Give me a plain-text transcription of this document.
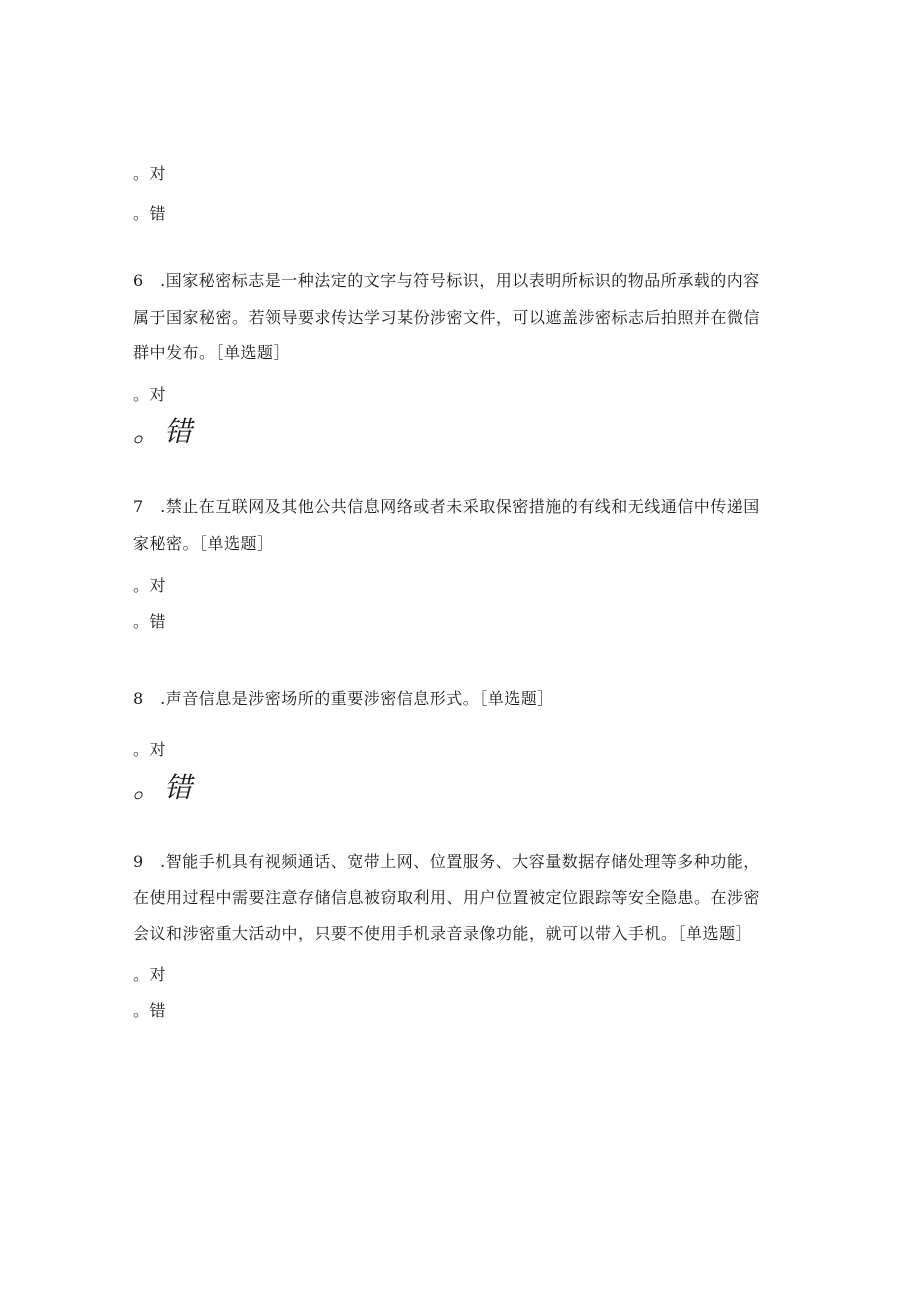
。对
。错
6　.国家秘密标志是一种法定的文字与符号标识，用以表明所标识的物品所承载的内容
属于国家秘密。若领导要求传达学习某份涉密文件，可以遮盖涉密标志后拍照并在微信
群中发布。［单选题］
。对
。错
7　.禁止在互联网及其他公共信息网络或者未采取保密措施的有线和无线通信中传递国
家秘密。［单选题］
。对
。错
8　.声音信息是涉密场所的重要涉密信息形式。［单选题］
。对
。错
9　.智能手机具有视频通话、宽带上网、位置服务、大容量数据存储处理等多种功能，
在使用过程中需要注意存储信息被窃取利用、用户位置被定位跟踪等安全隐患。在涉密
会议和涉密重大活动中，只要不使用手机录音录像功能，就可以带入手机。［单选题］
。对
。错
